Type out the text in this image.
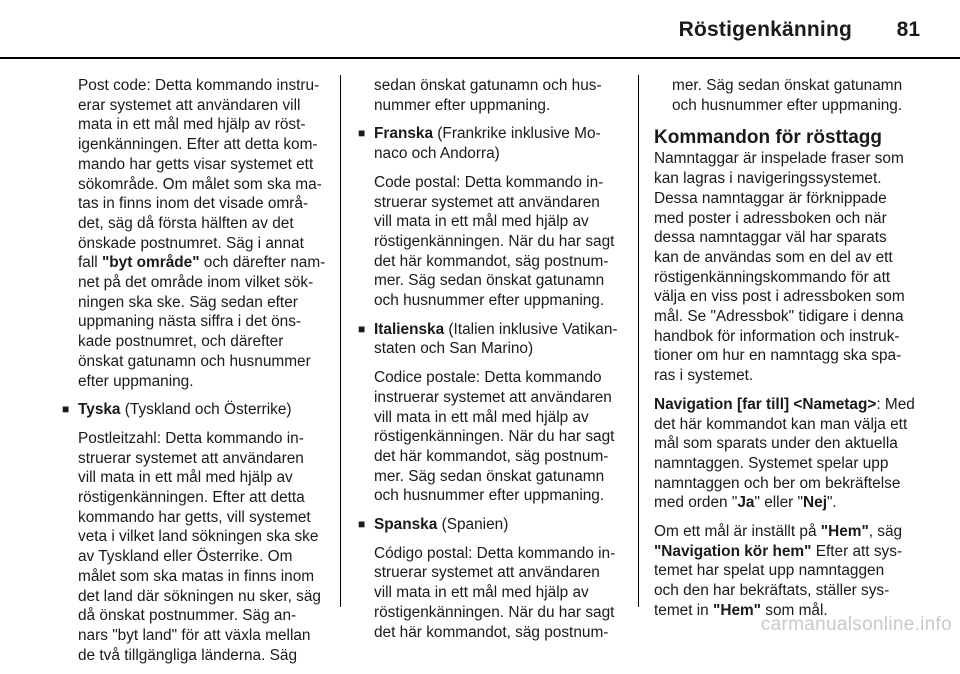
Röstigenkänning 81

Post code: Detta kommando instru-
erar systemet att användaren vill
mata in ett mål med hjälp av röst-
igenkänningen. Efter att detta kom-
mando har getts visar systemet ett
sökområde. Om målet som ska ma-
tas in finns inom det visade områ-
det, säg då första hälften av det
önskade postnumret. Säg i annat
fall "byt område" och därefter nam-
net på det område inom vilket sök-
ningen ska ske. Säg sedan efter
uppmaning nästa siffra i det öns-
kade postnumret, och därefter
önskat gatunamn och husnummer
efter uppmaning.

■ Tyska (Tyskland och Österrike)

Postleitzahl: Detta kommando in-
struerar systemet att användaren
vill mata in ett mål med hjälp av
röstigenkänningen. Efter att detta
kommando har getts, vill systemet
veta i vilket land sökningen ska ske
av Tyskland eller Österrike. Om
målet som ska matas in finns inom
det land där sökningen nu sker, säg
då önskat postnummer. Säg an-
nars "byt land" för att växla mellan
de två tillgängliga länderna. Säg

sedan önskat gatunamn och hus-
nummer efter uppmaning.

■ Franska (Frankrike inklusive Mo-
naco och Andorra)

Code postal: Detta kommando in-
struerar systemet att användaren
vill mata in ett mål med hjälp av
röstigenkänningen. När du har sagt
det här kommandot, säg postnum-
mer. Säg sedan önskat gatunamn
och husnummer efter uppmaning.

■ Italienska (Italien inklusive Vatikan-
staten och San Marino)

Codice postale: Detta kommando
instruerar systemet att användaren
vill mata in ett mål med hjälp av
röstigenkänningen. När du har sagt
det här kommandot, säg postnum-
mer. Säg sedan önskat gatunamn
och husnummer efter uppmaning.

■ Spanska (Spanien)

Código postal: Detta kommando in-
struerar systemet att användaren
vill mata in ett mål med hjälp av
röstigenkänningen. När du har sagt
det här kommandot, säg postnum-

mer. Säg sedan önskat gatunamn
och husnummer efter uppmaning.

Kommandon för rösttagg

Namntaggar är inspelade fraser som
kan lagras i navigeringssystemet.
Dessa namntaggar är förknippade
med poster i adressboken och när
dessa namntaggar väl har sparats
kan de användas som en del av ett
röstigenkänningskommando för att
välja en viss post i adressboken som
mål. Se "Adressbok" tidigare i denna
handbok för information och instruk-
tioner om hur en namntagg ska spa-
ras i systemet.

Navigation [far till] <Nametag>: Med
det här kommandot kan man välja ett
mål som sparats under den aktuella
namntaggen. Systemet spelar upp
namntaggen och ber om bekräftelse
med orden "Ja" eller "Nej".

Om ett mål är inställt på "Hem", säg
"Navigation kör hem" Efter att sys-
temet har spelat upp namntaggen
och den har bekräftats, ställer sys-
temet in "Hem" som mål.

carmanualsonline.info
